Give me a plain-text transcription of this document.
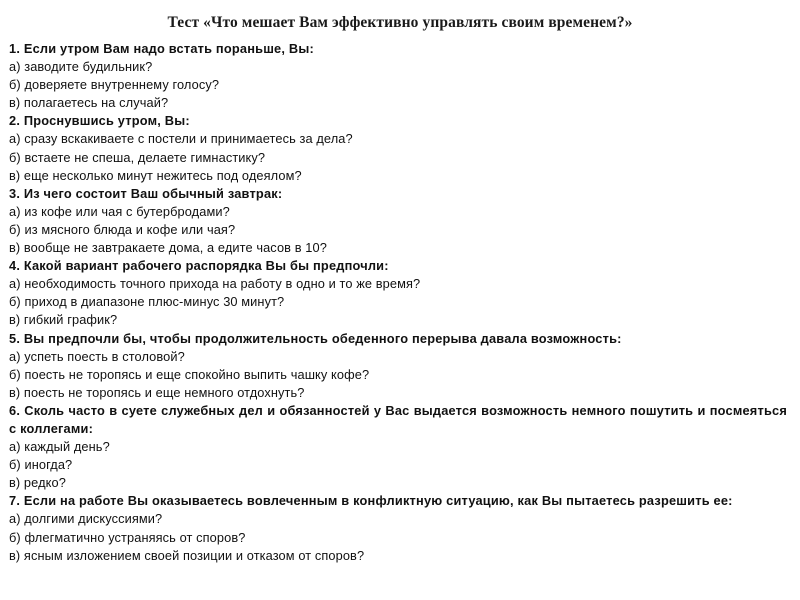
Тест «Что мешает Вам эффективно управлять своим временем?»
1. Если утром Вам надо встать пораньше, Вы:
а) заводите будильник?
б) доверяете внутреннему голосу?
в) полагаетесь на случай?
2. Проснувшись утром, Вы:
а) сразу вскакиваете с постели и принимаетесь за дела?
б) встаете не спеша, делаете гимнастику?
в) еще несколько минут нежитесь под одеялом?
3. Из чего состоит Ваш обычный завтрак:
а) из кофе или чая с бутербродами?
б) из мясного блюда и кофе или чая?
в) вообще не завтракаете дома, а едите часов в 10?
4. Какой вариант рабочего распорядка Вы бы предпочли:
а) необходимость точного прихода на работу в одно и то же время?
б) приход в диапазоне плюс-минус 30 минут?
в) гибкий график?
5. Вы предпочли бы, чтобы продолжительность обеденного перерыва давала возможность:
а) успеть поесть в столовой?
б) поесть не торопясь и еще спокойно выпить чашку кофе?
в) поесть не торопясь и еще немного отдохнуть?
6. Сколь часто в суете служебных дел и обязанностей у Вас выдается возможность немного пошутить и посмеяться с коллегами:
а) каждый день?
б) иногда?
в) редко?
7. Если на работе Вы оказываетесь вовлеченным в конфликтную ситуацию, как Вы пытаетесь разрешить ее:
а) долгими дискуссиями?
б) флегматично устраняясь от споров?
в) ясным изложением своей позиции и отказом от споров?
